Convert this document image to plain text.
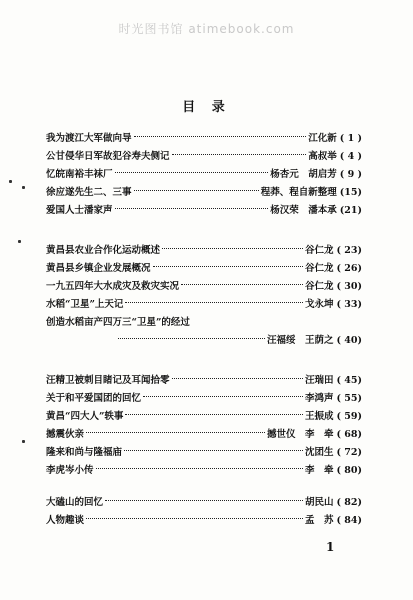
时光图书馆 atimebook.com
目 录
我为渡江大军做向导	江化新 ( 1 )
公甘侵华日军故犯谷寿夫侧记	高叔举 ( 4 )
忆皖南裕丰袜厂	杨杏元　胡启芳 ( 9 )
徐应遂先生二、三事	程莽、程自新整理 (15)
爱国人士潘家声	杨汉荣　潘本承 (21)
黄昌县农业合作化运动概述	谷仁龙 ( 23)
黄昌县乡镇企业发展概况	谷仁龙 ( 26)
一九五四年大水成灾及救灾实况	谷仁龙 ( 30)
水稻“卫星”上天记	戈永坤 ( 33)
创造水稻亩产四万三“卫星”的经过
汪福绥　王荫之 ( 40)
汪精卫被刺目睹记及耳闻拾零	汪瑞田 ( 45)
关于和平爱国团的回忆	李鸿声 ( 55)
黄昌“四大人”轶事	王振成 ( 59)
撼震伙亲	撼世仪　李　牵 ( 68)
隆来和尚与隆福庙	沈团生 ( 72)
李虎岑小传	李　牵 ( 80)
大磕山的回忆	胡民山 ( 82)
人物趣谈	孟　苏 ( 84)
1
